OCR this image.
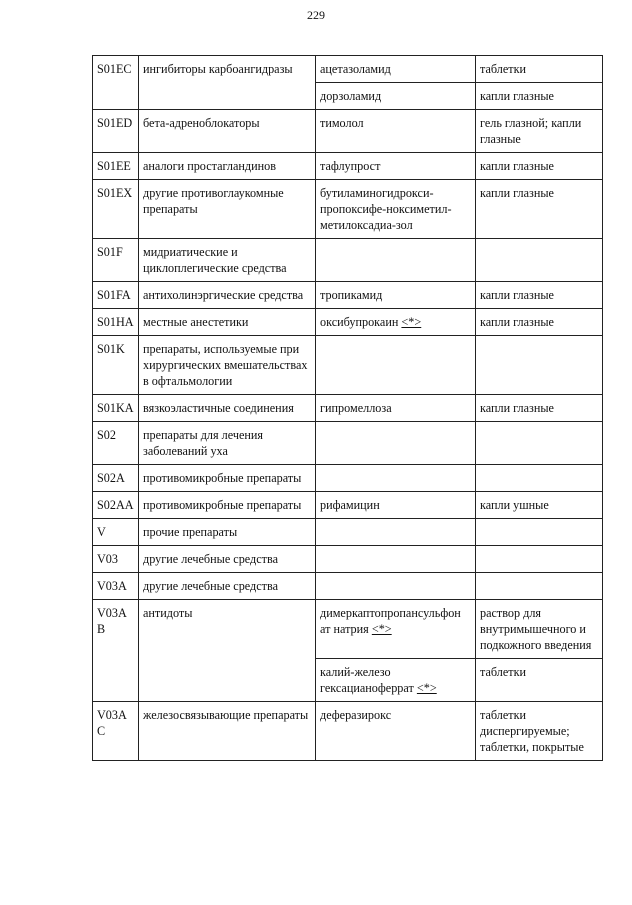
229
S01EC	ингибиторы карбоангидразы	ацетазоламид	таблетки
		дорзоламид	капли глазные
S01ED	бета-адреноблокаторы	тимолол	гель глазной; капли глазные
S01EE	аналоги простагландинов	тафлупрост	капли глазные
S01EX	другие противоглаукомные препараты	бутиламиногидрокси-пропоксифе-ноксиметил-метилоксадиа-зол	капли глазные
S01F	мидриатические и циклоплегические средства		
S01FA	антихолинэргические средства	тропикамид	капли глазные
S01HA	местные анестетики	оксибупрокаин <*>	капли глазные
S01K	препараты, используемые при хирургических вмешательствах в офтальмологии		
S01KA	вязкоэластичные соединения	гипромеллоза	капли глазные
S02	препараты для лечения заболеваний уха		
S02A	противомикробные препараты		
S02AA	противомикробные препараты	рифамицин	капли ушные
V	прочие препараты		
V03	другие лечебные средства		
V03A	другие лечебные средства		
V03A B	антидоты	димеркаптопропансульфон ат натрия <*>	раствор для внутримышечного и подкожного введения
		калий-железо гексацианоферрат <*>	таблетки
V03A C	железосвязывающие препараты	деферазирокс	таблетки диспергируемые; таблетки, покрытые
